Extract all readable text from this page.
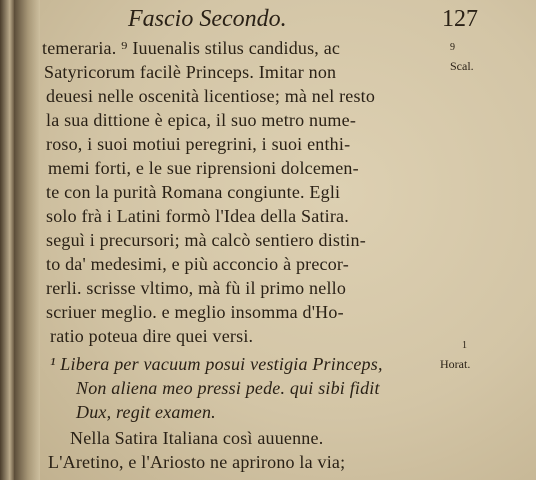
Fascio Secondo.	127
temeraria. ⁹ Iuuenalis stilus candidus, ac
Satyricorum facilè Princeps. Imitar non
deuesi nelle oscenità licentiose; mà nel resto
la sua dittione è epica, il suo metro nume-
roso, i suoi motiui peregrini, i suoi enthi-
memi forti, e le sue riprensioni dolcemen-
te con la purità Romana congiunte. Egli
solo frà i Latini formò l'Idea della Satira.
seguì i precursori; mà calcò sentiero distin-
to da' medesimi, e più acconcio à precor-
rerli. scrisse vltimo, mà fù il primo nello
scriuer meglio. e meglio insomma d'Ho-
ratio poteua dire quei versi.
¹ Libera per vacuum posui vestigia Princeps,
Non aliena meo pressi pede. qui sibi fidit
Dux, regit examen.
Nella Satira Italiana così auuenne.
L'Aretino, e l'Ariosto ne aprirono la via;
$^9$
Scal.
$^1$
Horat.
